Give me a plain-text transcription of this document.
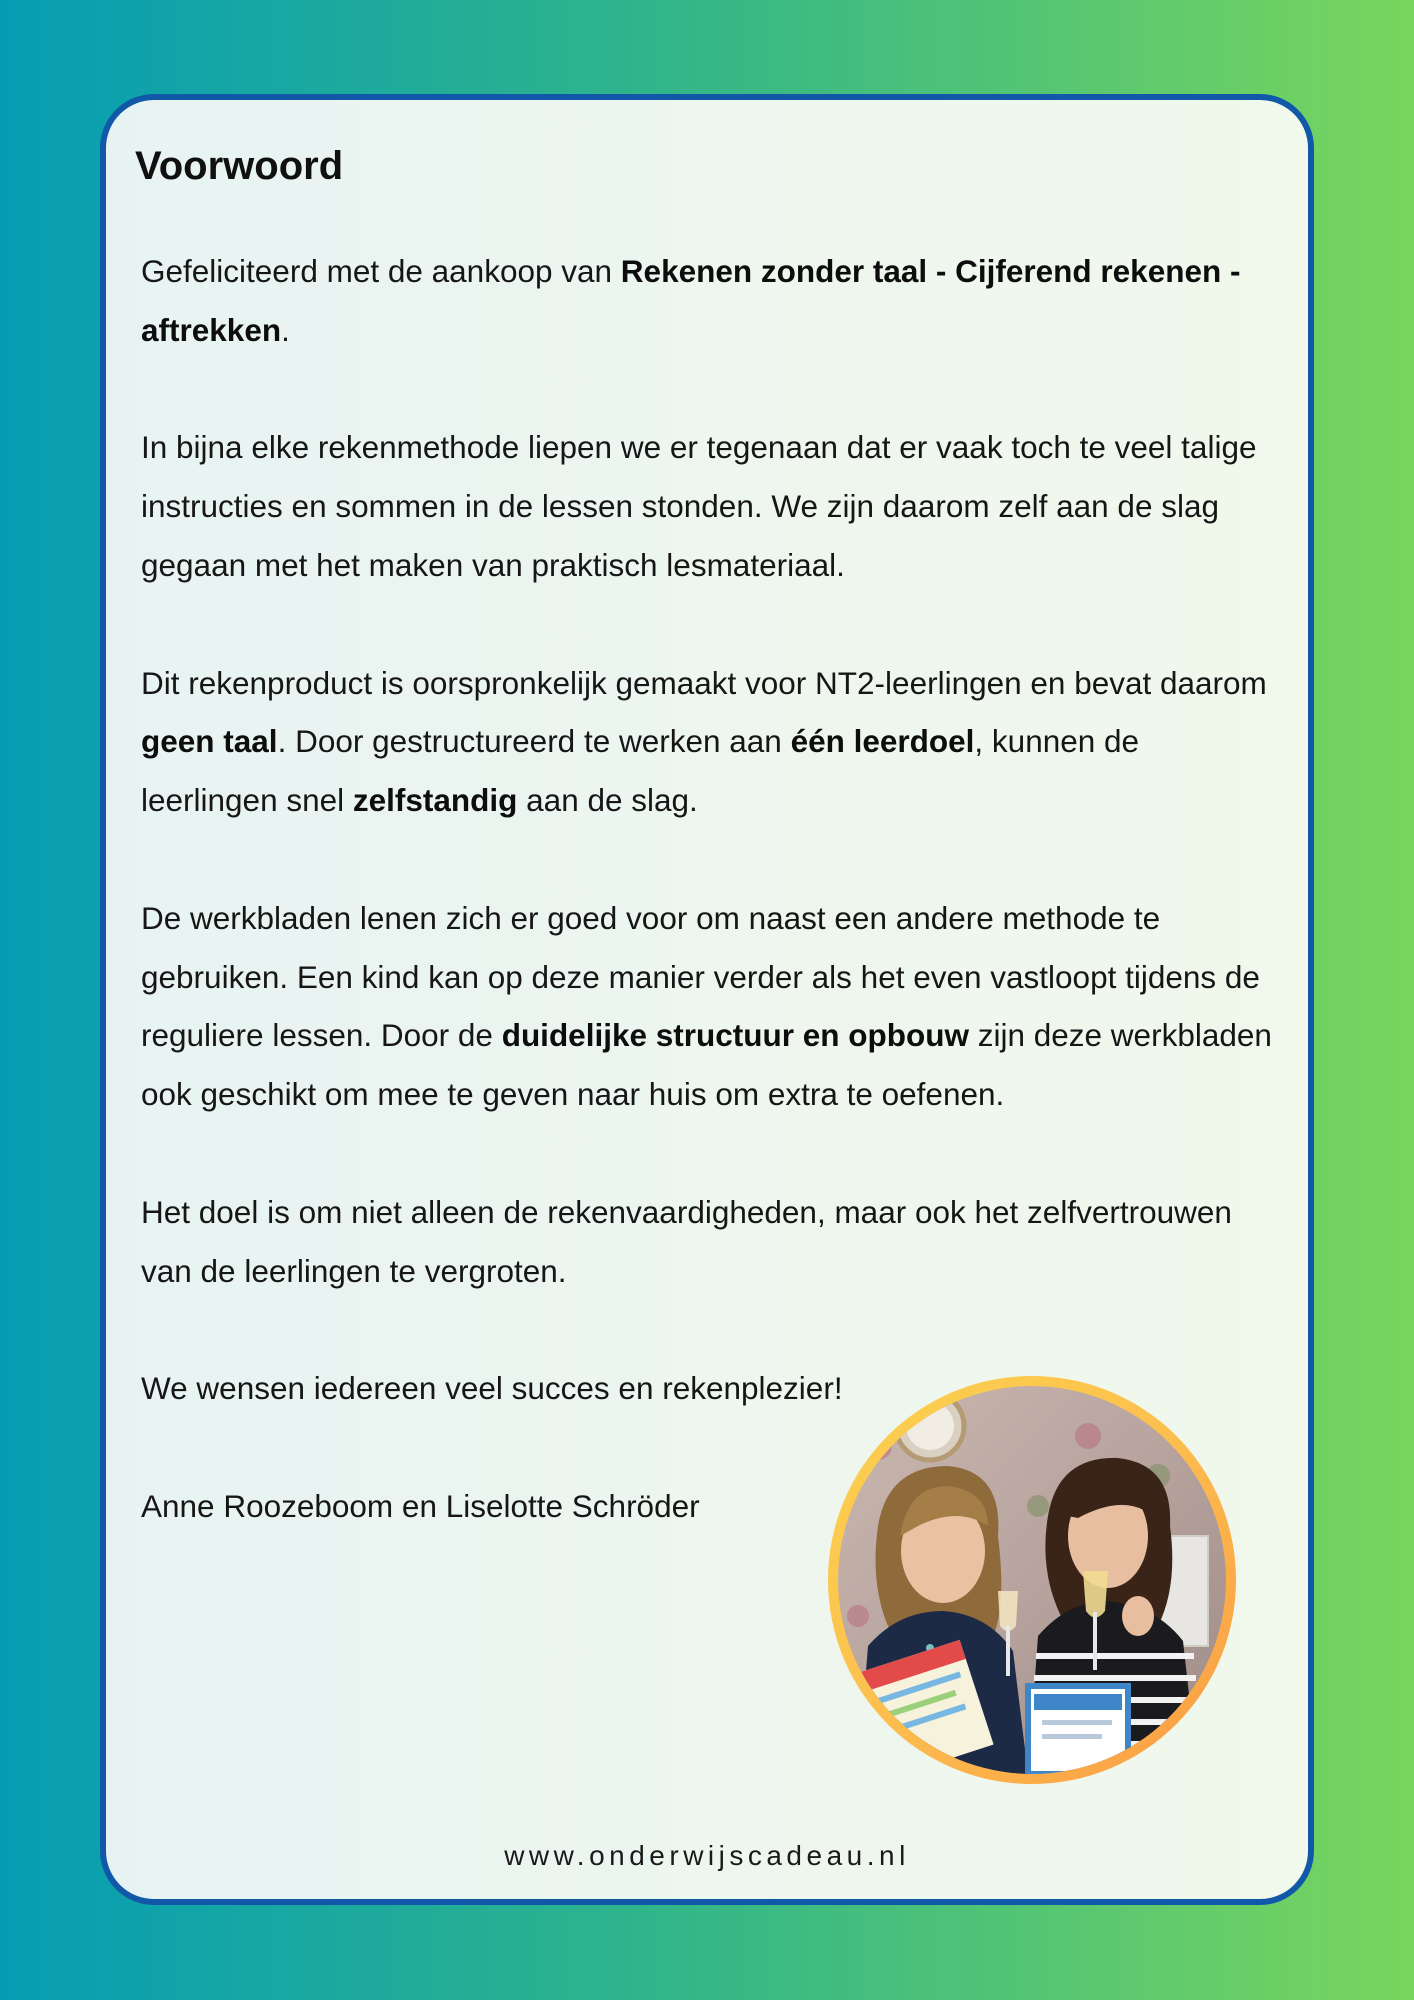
Voorwoord

Gefeliciteerd met de aankoop van Rekenen zonder taal - Cijferend rekenen - aftrekken.

In bijna elke rekenmethode liepen we er tegenaan dat er vaak toch te veel talige instructies en sommen in de lessen stonden. We zijn daarom zelf aan de slag gegaan met het maken van praktisch lesmateriaal.

Dit rekenproduct is oorspronkelijk gemaakt voor NT2-leerlingen en bevat daarom geen taal. Door gestructureerd te werken aan één leerdoel, kunnen de leerlingen snel zelfstandig aan de slag.

De werkbladen lenen zich er goed voor om naast een andere methode te gebruiken. Een kind kan op deze manier verder als het even vastloopt tijdens de reguliere lessen. Door de duidelijke structuur en opbouw zijn deze werkbladen ook geschikt om mee te geven naar huis om extra te oefenen.

Het doel is om niet alleen de rekenvaardigheden, maar ook het zelfvertrouwen van de leerlingen te vergroten.

We wensen iedereen veel succes en rekenplezier!

Anne Roozeboom en Liselotte Schröder

www.onderwijscadeau.nl
